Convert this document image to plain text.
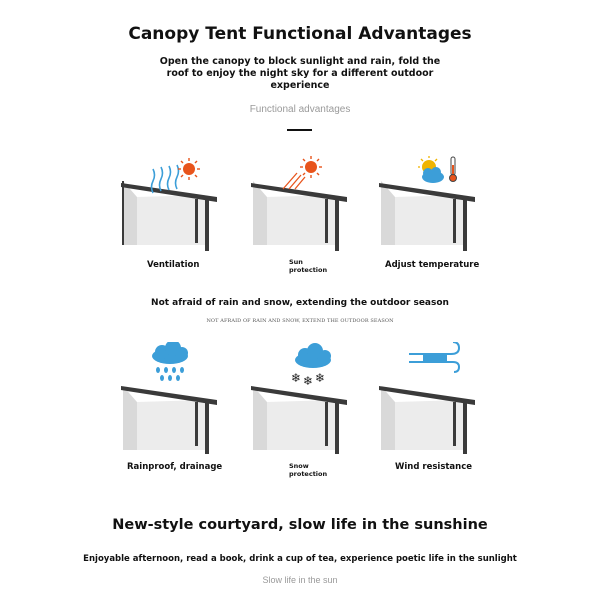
Canopy Tent Functional Advantages
Open the canopy to block sunlight and rain, fold the roof to enjoy the night sky for a different outdoor experience
Functional advantages
Ventilation	Sun
protection	Adjust temperature
Not afraid of rain and snow, extending the outdoor season
NOT AFRAID OF RAIN AND SNOW, EXTEND THE OUTDOOR SEASON
Rainproof, drainage
❄ ❄ ❄
Snow
protection
Wind resistance
New-style courtyard, slow life in the sunshine
Enjoyable afternoon, read a book, drink a cup of tea, experience poetic life in the sunlight
Slow life in the sun
